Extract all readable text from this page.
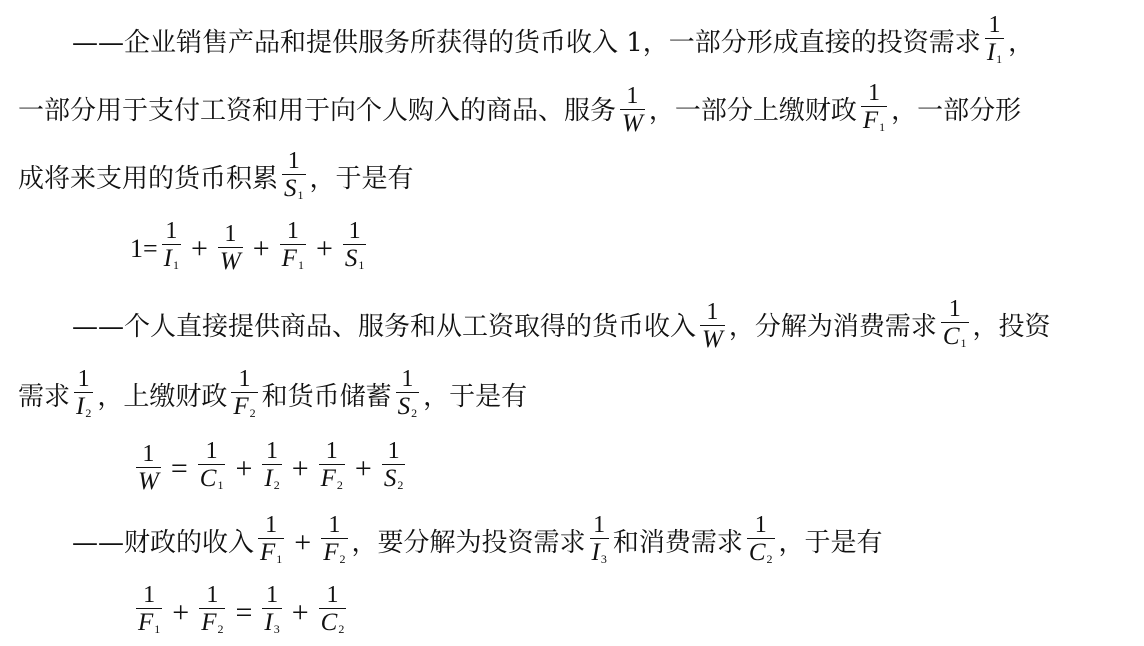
——企业销售产品和提供服务所获得的货币收入 1，一部分形成直接的投资需求 $\frac{1}{I_1}$ ，
一部分用于支付工资和用于向个人购入的商品、服务 $\frac{1}{W}$ ，一部分上缴财政 $\frac{1}{F_1}$ ，一部分形
成将来支用的货币积累 $\frac{1}{S_1}$ ，于是有
$1= \frac{1}{I_1} + \frac{1}{W} + \frac{1}{F_1} + \frac{1}{S_1}$
——个人直接提供商品、服务和从工资取得的货币收入 $\frac{1}{W}$ ，分解为消费需求 $\frac{1}{C_1}$ ，投资
需求 $\frac{1}{I_2}$ ，上缴财政 $\frac{1}{F_2}$ 和货币储蓄 $\frac{1}{S_2}$ ，于是有
$\frac{1}{W} = \frac{1}{C_1} + \frac{1}{I_2} + \frac{1}{F_2} + \frac{1}{S_2}$
——财政的收入 $\frac{1}{F_1} + \frac{1}{F_2}$ ，要分解为投资需求 $\frac{1}{I_3}$ 和消费需求 $\frac{1}{C_2}$ ，于是有
$\frac{1}{F_1} + \frac{1}{F_2} = \frac{1}{I_3} + \frac{1}{C_2}$
